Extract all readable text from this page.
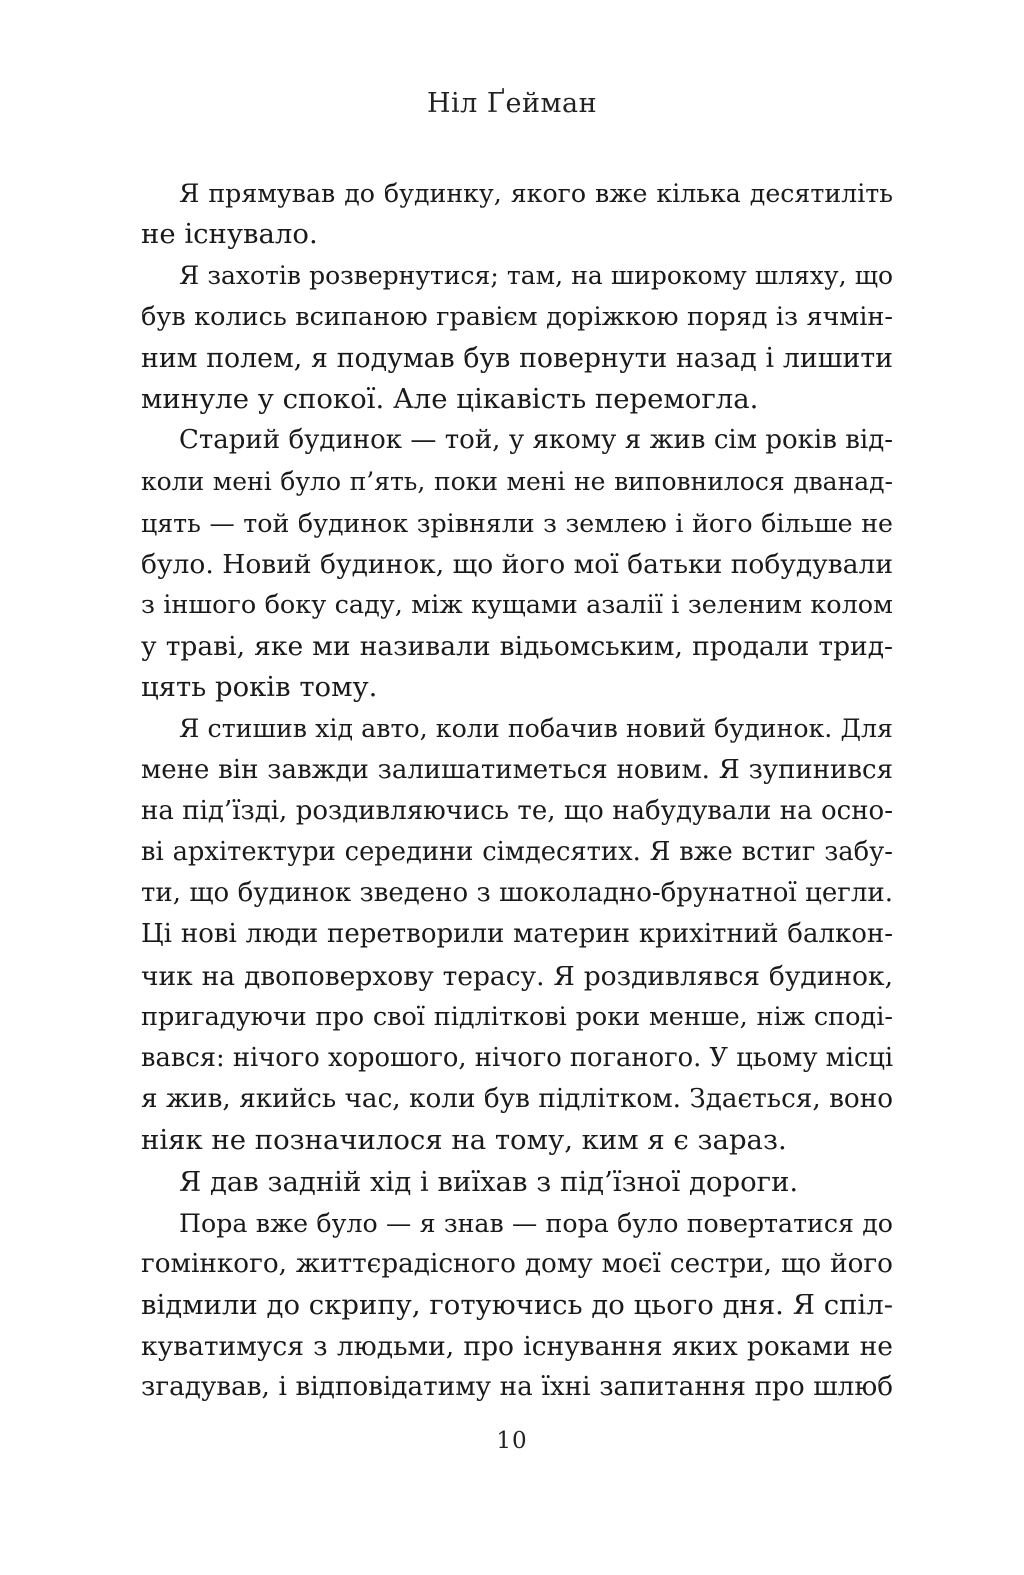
Ніл Ґейман
Я прямував до будинку, якого вже кілька десятиліть
не існувало.
Я захотів розвернутися; там, на широкому шляху, що
був колись всипаною гравієм доріжкою поряд із ячмін-
ним полем, я подумав був повернути назад і лишити
минуле у спокої. Але цікавість перемогла.
Старий будинок — той, у якому я жив сім років від-
коли мені було п’ять, поки мені не виповнилося дванад-
цять — той будинок зрівняли з землею і його більше не
було. Новий будинок, що його мої батьки побудували
з іншого боку саду, між кущами азалії і зеленим колом
у траві, яке ми називали відьомським, продали трид-
цять років тому.
Я стишив хід авто, коли побачив новий будинок. Для
мене він завжди залишатиметься новим. Я зупинився
на під’їзді, роздивляючись те, що набудували на осно-
ві архітектури середини сімдесятих. Я вже встиг забу-
ти, що будинок зведено з шоколадно-брунатної цегли.
Ці нові люди перетворили материн крихітний балкон-
чик на двоповерхову терасу. Я роздивлявся будинок,
пригадуючи про свої підліткові роки менше, ніж сподi-
вався: нічого хорошого, нічого поганого. У цьому місці
я жив, якийсь час, коли був підлітком. Здається, воно
ніяк не позначилося на тому, ким я є зараз.
Я дав задній хід і виїхав з під’їзної дороги.
Пора вже було — я знав — пора було повертатися до
гомінкого, життєрадісного дому моєї сестри, що його
відмили до скрипу, готуючись до цього дня. Я спіл-
куватимуся з людьми, про існування яких роками не
згадував, і відповідатиму на їхні запитання про шлюб
10
